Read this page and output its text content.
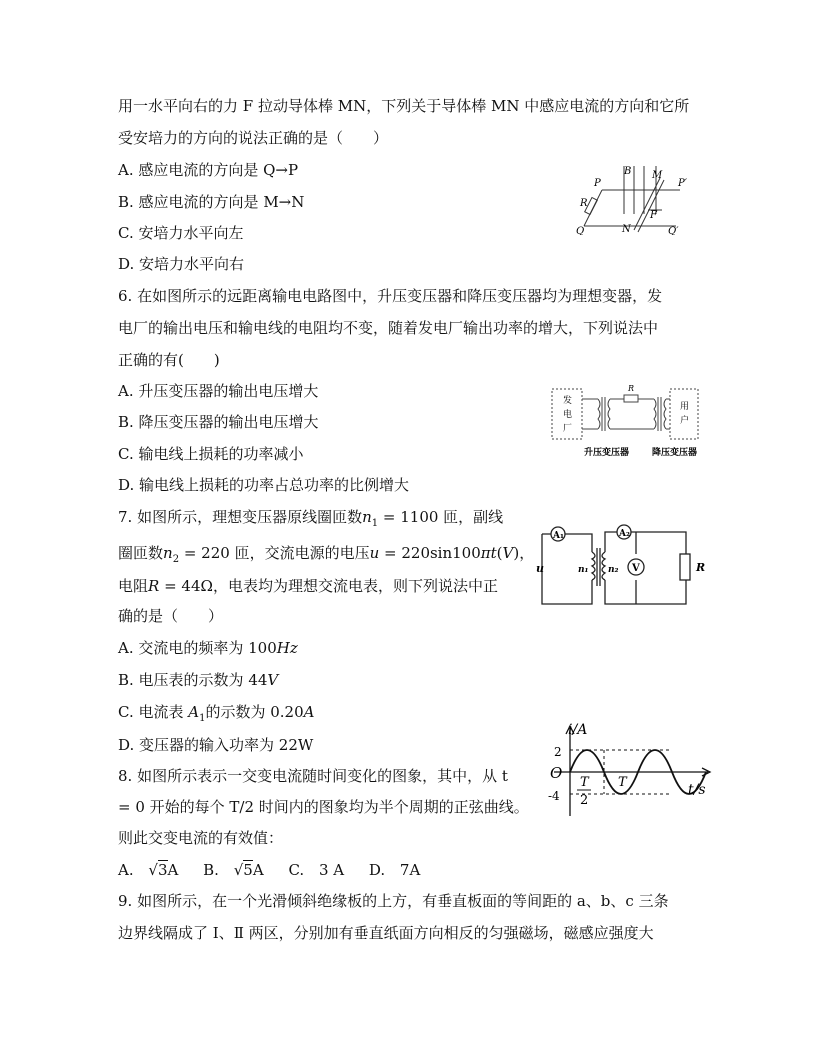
用一水平向右的力 F 拉动导体棒 MN，下列关于导体棒 MN 中感应电流的方向和它所
受安培力的方向的说法正确的是（　　）
A. 感应电流的方向是 Q→P
B. 感应电流的方向是 M→N
C. 安培力水平向左
D. 安培力水平向右
P	P′
Q	Q′
R
B M
N
F
6. 在如图所示的远距离输电电路图中，升压变压器和降压变压器均为理想变器，发
电厂的输出电压和输电线的电阻均不变，随着发电厂输出功率的增大，下列说法中
正确的有(　　)
A. 升压变压器的输出电压增大
B. 降压变压器的输出电压增大
C. 输电线上损耗的功率减小
D. 输电线上损耗的功率占总功率的比例增大
发
电
厂
用
户
R
升压变压器	降压变压器
7. 如图所示，理想变压器原线圈匝数$n_1 = 1100$ 匝，副线
圈匝数$n_2 = 220$ 匝，交流电源的电压u = 220sin100πt(V)，
电阻R = 44Ω，电表均为理想交流电表，则下列说法中正
确的是（　　）
A. 交流电的频率为 100Hz
B. 电压表的示数为 44V
C. 电流表 $A_1$的示数为 0.20A
D. 变压器的输入功率为 22W
A₁	A₂
V	R
u	n₁ n₂
8. 如图所示表示一交变电流随时间变化的图象，其中，从 t
= 0 开始的每个 T/2 时间内的图象均为半个周期的正弦曲线。
则此交变电流的有效值：
A. √3A B. √5A C. 3 A D. 7A
i/A
t/s
O
2
-4
T
2
T
9. 如图所示，在一个光滑倾斜绝缘板的上方，有垂直板面的等间距的 a、b、c 三条
边界线隔成了 Ⅰ、Ⅱ 两区，分别加有垂直纸面方向相反的匀强磁场，磁感应强度大
